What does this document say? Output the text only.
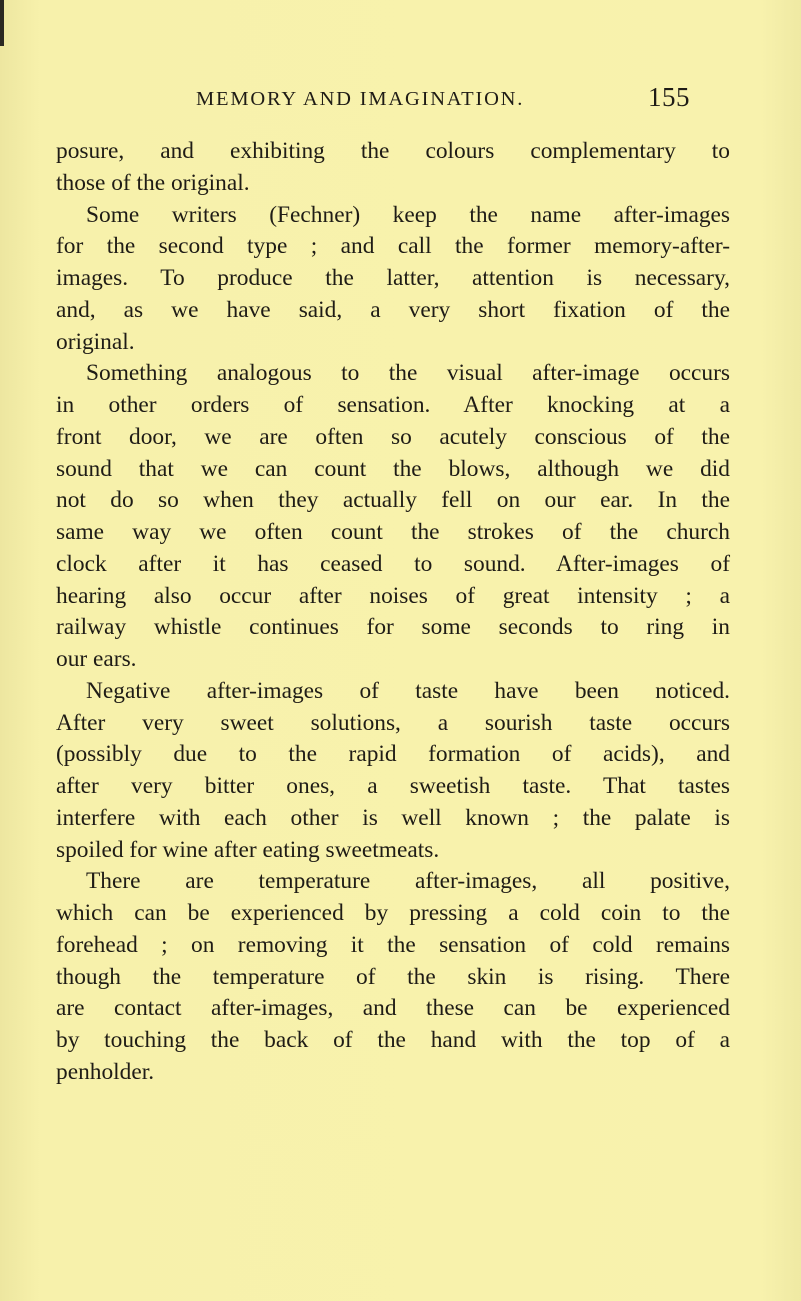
MEMORY AND IMAGINATION.	155
posure, and exhibiting the colours complementary to
those of the original.
Some writers (Fechner) keep the name after-images
for the second type ; and call the former memory-after-
images. To produce the latter, attention is necessary,
and, as we have said, a very short fixation of the
original.
Something analogous to the visual after-image occurs
in other orders of sensation. After knocking at a
front door, we are often so acutely conscious of the
sound that we can count the blows, although we did
not do so when they actually fell on our ear. In the
same way we often count the strokes of the church
clock after it has ceased to sound. After-images of
hearing also occur after noises of great intensity ; a
railway whistle continues for some seconds to ring in
our ears.
Negative after-images of taste have been noticed.
After very sweet solutions, a sourish taste occurs
(possibly due to the rapid formation of acids), and
after very bitter ones, a sweetish taste. That tastes
interfere with each other is well known ; the palate is
spoiled for wine after eating sweetmeats.
There are temperature after-images, all positive,
which can be experienced by pressing a cold coin to the
forehead ; on removing it the sensation of cold remains
though the temperature of the skin is rising. There
are contact after-images, and these can be experienced
by touching the back of the hand with the top of a
penholder.
